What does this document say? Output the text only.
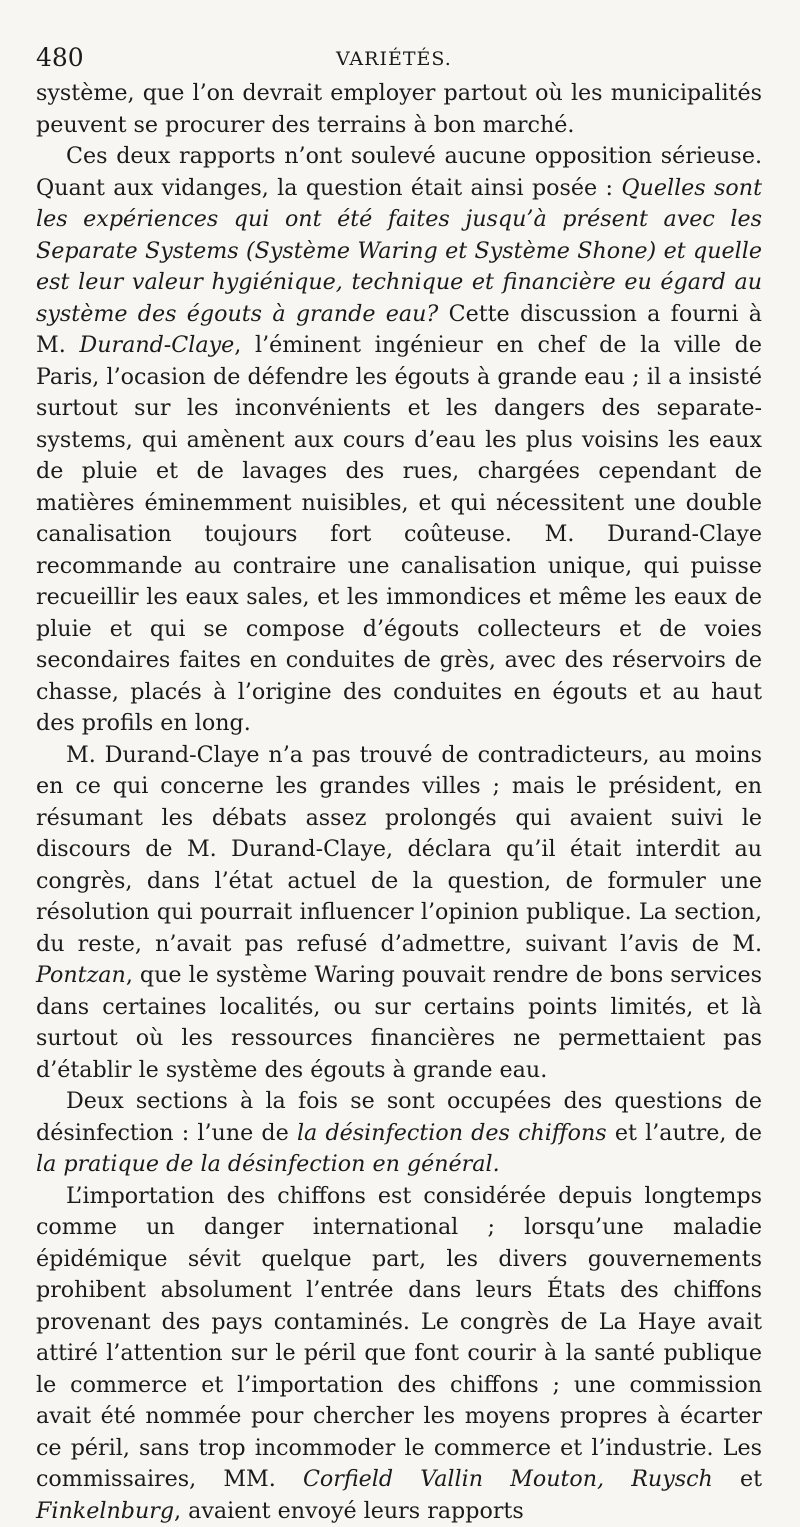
480	VARIÉTÉS.

système, que l’on devrait employer partout où les municipalités peuvent se procurer des terrains à bon marché.

Ces deux rapports n’ont soulevé aucune opposition sérieuse. Quant aux vidanges, la question était ainsi posée : Quelles sont les expériences qui ont été faites jusqu’à présent avec les Separate Systems (Système Waring et Système Shone) et quelle est leur valeur hygiénique, technique et financière eu égard au système des égouts à grande eau? Cette discussion a fourni à M. Durand-Claye, l’éminent ingénieur en chef de la ville de Paris, l’ocasion de défendre les égouts à grande eau ; il a insisté surtout sur les inconvénients et les dangers des separate-systems, qui amènent aux cours d’eau les plus voisins les eaux de pluie et de lavages des rues, chargées cependant de matières éminemment nuisibles, et qui nécessitent une double canalisation toujours fort coûteuse. M. Durand-Claye recommande au contraire une canalisation unique, qui puisse recueillir les eaux sales, et les immondices et même les eaux de pluie et qui se compose d’égouts collecteurs et de voies secondaires faites en conduites de grès, avec des réservoirs de chasse, placés à l’origine des conduites en égouts et au haut des profils en long.

M. Durand-Claye n’a pas trouvé de contradicteurs, au moins en ce qui concerne les grandes villes ; mais le président, en résumant les débats assez prolongés qui avaient suivi le discours de M. Durand-Claye, déclara qu’il était interdit au congrès, dans l’état actuel de la question, de formuler une résolution qui pourrait influencer l’opinion publique. La section, du reste, n’avait pas refusé d’admettre, suivant l’avis de M. Pontzan, que le système Waring pouvait rendre de bons services dans certaines localités, ou sur certains points limités, et là surtout où les ressources financières ne permettaient pas d’établir le système des égouts à grande eau.

Deux sections à la fois se sont occupées des questions de désinfection : l’une de la désinfection des chiffons et l’autre, de la pratique de la désinfection en général.

L’importation des chiffons est considérée depuis longtemps comme un danger international ; lorsqu’une maladie épidémique sévit quelque part, les divers gouvernements prohibent absolument l’entrée dans leurs États des chiffons provenant des pays contaminés. Le congrès de La Haye avait attiré l’attention sur le péril que font courir à la santé publique le commerce et l’importation des chiffons ; une commission avait été nommée pour chercher les moyens propres à écarter ce péril, sans trop incommoder le commerce et l’industrie. Les commissaires, MM. Corfield Vallin Mouton, Ruysch et Finkelnburg, avaient envoyé leurs rapports
